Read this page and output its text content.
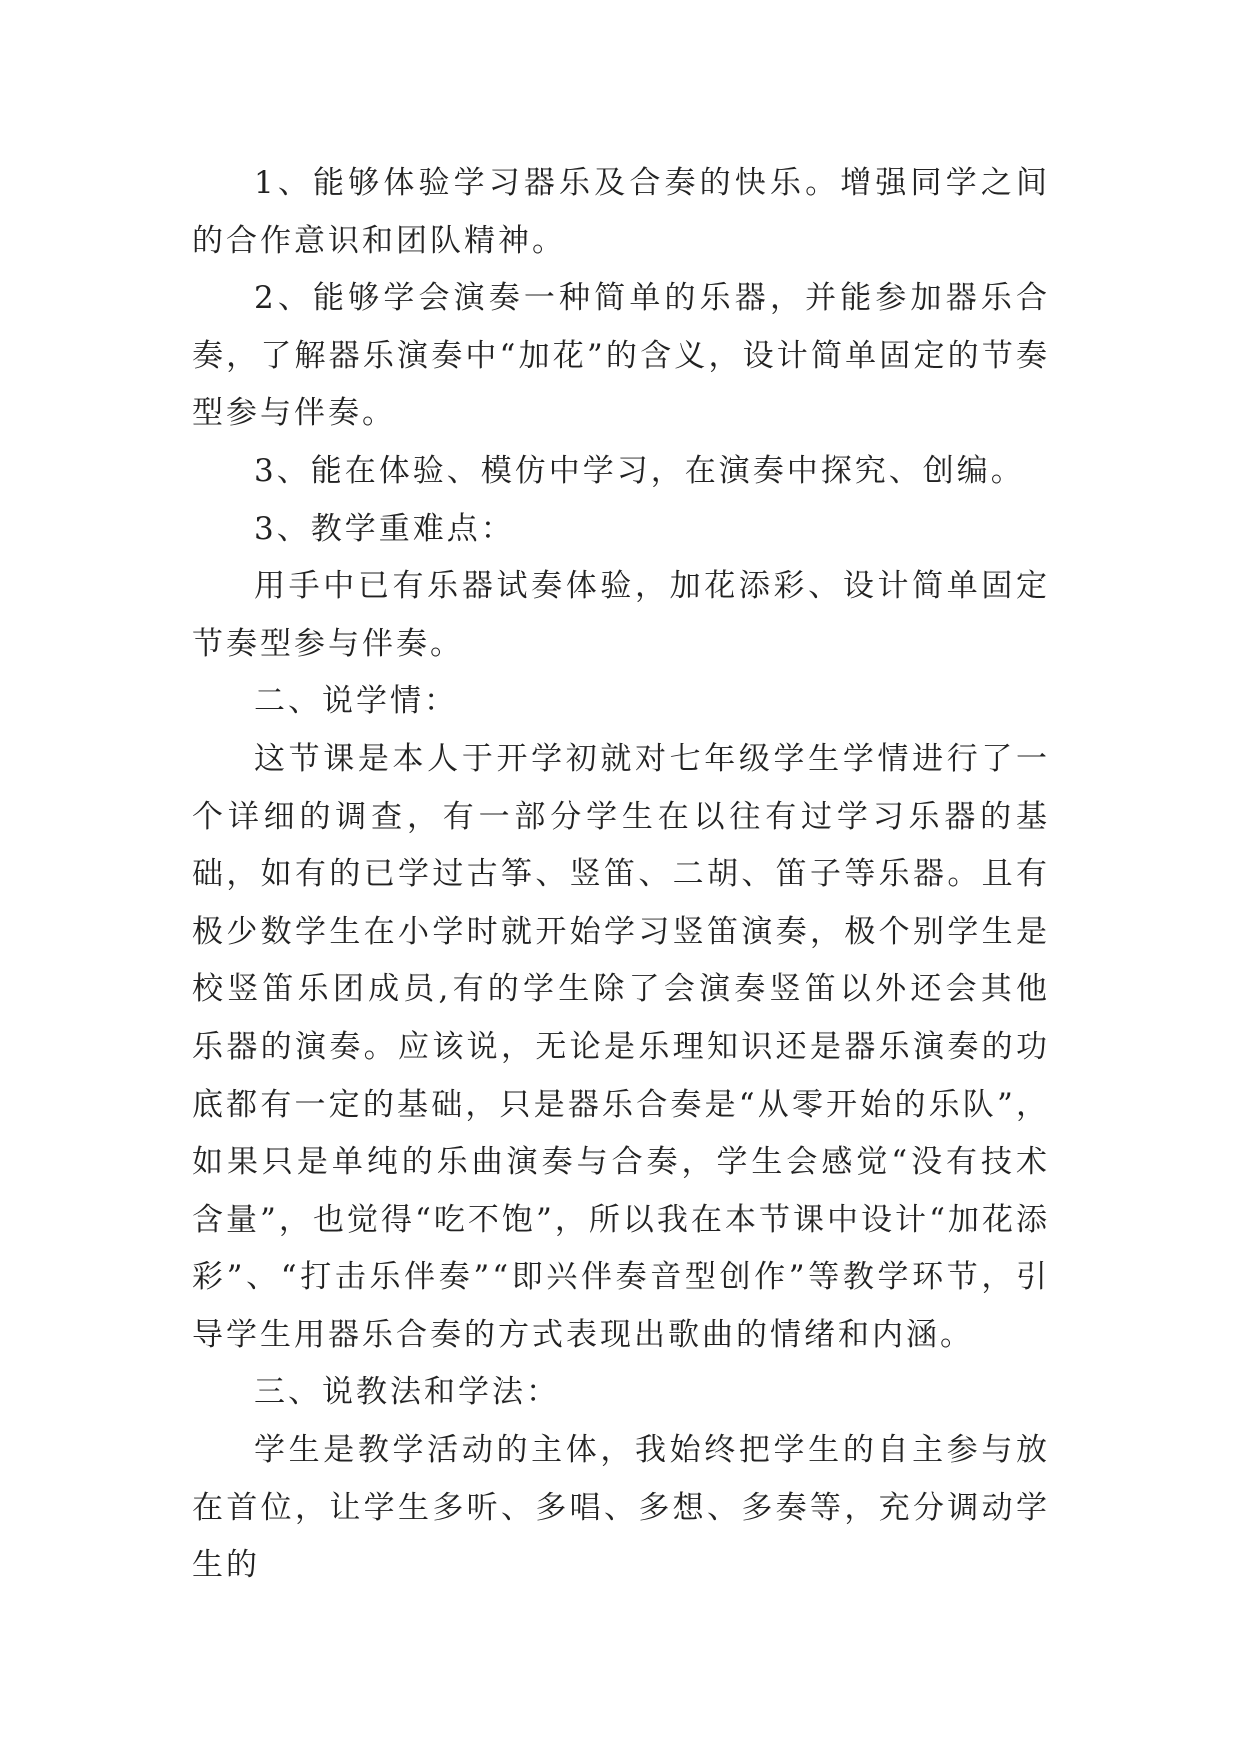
1、能够体验学习器乐及合奏的快乐。增强同学之间的合作意识和团队精神。

2、能够学会演奏一种简单的乐器，并能参加器乐合奏，了解器乐演奏中“加花”的含义，设计简单固定的节奏型参与伴奏。

3、能在体验、模仿中学习，在演奏中探究、创编。

3、教学重难点：

用手中已有乐器试奏体验，加花添彩、设计简单固定节奏型参与伴奏。

二、说学情：

这节课是本人于开学初就对七年级学生学情进行了一个详细的调查，有一部分学生在以往有过学习乐器的基础，如有的已学过古筝、竖笛、二胡、笛子等乐器。且有极少数学生在小学时就开始学习竖笛演奏，极个别学生是校竖笛乐团成员,有的学生除了会演奏竖笛以外还会其他乐器的演奏。应该说，无论是乐理知识还是器乐演奏的功底都有一定的基础，只是器乐合奏是“从零开始的乐队”，如果只是单纯的乐曲演奏与合奏，学生会感觉“没有技术含量”，也觉得“吃不饱”，所以我在本节课中设计“加花添彩”、“打击乐伴奏”“即兴伴奏音型创作”等教学环节，引导学生用器乐合奏的方式表现出歌曲的情绪和内涵。

三、说教法和学法：

学生是教学活动的主体，我始终把学生的自主参与放在首位，让学生多听、多唱、多想、多奏等，充分调动学生的
